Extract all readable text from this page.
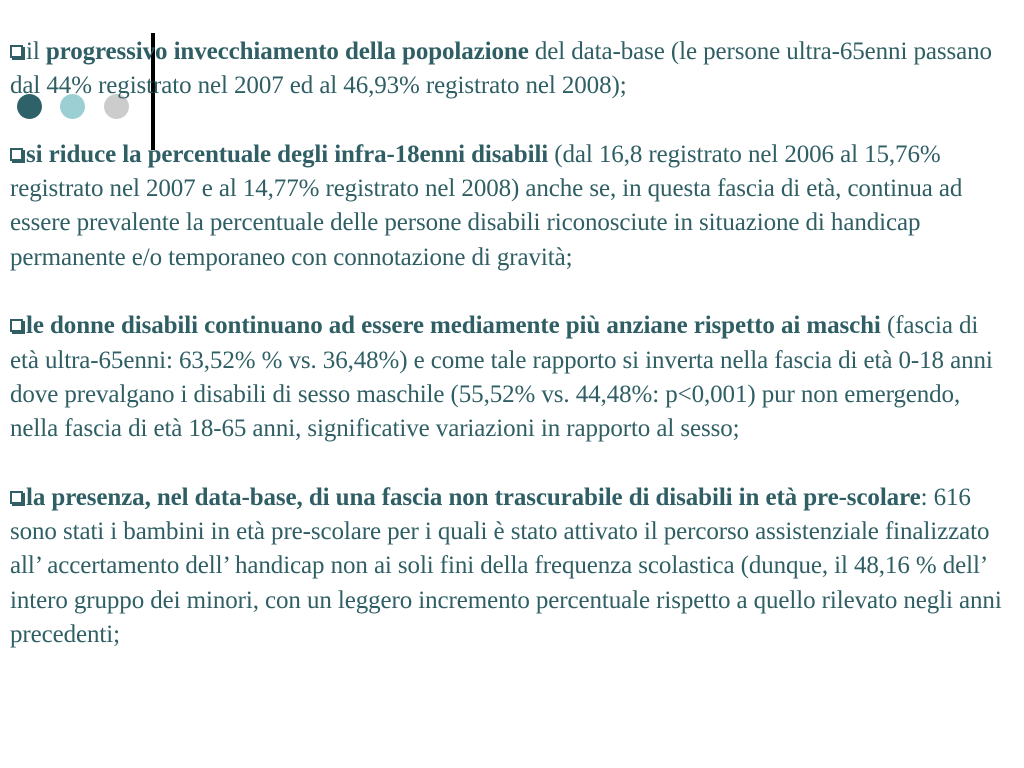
il progressivo invecchiamento della popolazione del data-base (le persone ultra-65enni passano dal 44% registrato nel 2007 ed al 46,93% registrato nel 2008);

si riduce la percentuale degli infra-18enni disabili (dal 16,8 registrato nel 2006 al 15,76% registrato nel 2007 e al 14,77% registrato nel 2008) anche se, in questa fascia di età, continua ad essere prevalente la percentuale delle persone disabili riconosciute in situazione di handicap permanente e/o temporaneo con connotazione di gravità;

le donne disabili continuano ad essere mediamente più anziane rispetto ai maschi (fascia di età ultra-65enni: 63,52% % vs. 36,48%) e come tale rapporto si inverta nella fascia di età 0-18 anni dove prevalgano i disabili di sesso maschile (55,52% vs. 44,48%: p<0,001) pur non emergendo, nella fascia di età 18-65 anni, significative variazioni in rapporto al sesso;

la presenza, nel data-base, di una fascia non trascurabile di disabili in età pre-scolare: 616 sono stati i bambini in età pre-scolare per i quali è stato attivato il percorso assistenziale finalizzato all’ accertamento dell’ handicap non ai soli fini della frequenza scolastica (dunque, il 48,16 % dell’ intero gruppo dei minori, con un leggero incremento percentuale rispetto a quello rilevato negli anni precedenti;
